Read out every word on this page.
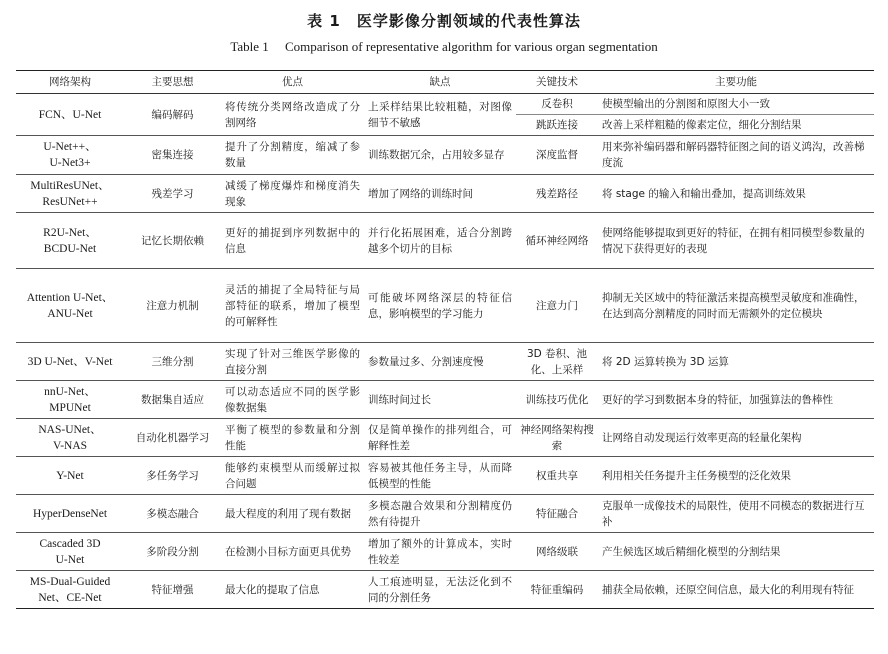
表 1　医学影像分割领域的代表性算法
Table 1　 Comparison of representative algorithm for various organ segmentation
网络架构	主要思想	优点	缺点	关键技术	主要功能
FCN、U-Net	编码解码	将传统分类网络改造成了分割网络	上采样结果比较粗糙，对图像细节不敏感	反卷积	使模型输出的分割图和原图大小一致
				跳跃连接	改善上采样粗糙的像素定位，细化分割结果
U-Net++、
U-Net3+	密集连接	提升了分割精度，缩减了参数量	训练数据冗余，占用较多显存	深度监督	用来弥补编码器和解码器特征图之间的语义鸿沟，改善梯度流
MultiResUNet、
ResUNet++	残差学习	减缓了梯度爆炸和梯度消失现象	增加了网络的训练时间	残差路径	将 stage 的输入和输出叠加，提高训练效果
R2U-Net、
BCDU-Net	记忆长期依赖	更好的捕捉到序列数据中的信息	并行化拓展困难，适合分割跨越多个切片的目标	循环神经网络	使网络能够提取到更好的特征，在拥有相同模型参数量的情况下获得更好的表现
Attention U-Net、
ANU-Net	注意力机制	灵活的捕捉了全局特征与局部特征的联系，增加了模型的可解释性	可能破坏网络深层的特征信息，影响模型的学习能力	注意力门	抑制无关区域中的特征激活来提高模型灵敏度和准确性，在达到高分割精度的同时而无需额外的定位模块
3D U-Net、V-Net	三维分割	实现了针对三维医学影像的直接分割	参数量过多、分割速度慢	3D 卷积、池化、上采样	将 2D 运算转换为 3D 运算
nnU-Net、
MPUNet	数据集自适应	可以动态适应不同的医学影像数据集	训练时间过长	训练技巧优化	更好的学习到数据本身的特征，加强算法的鲁棒性
NAS-UNet、
V-NAS	自动化机器学习	平衡了模型的参数量和分割性能	仅是简单操作的排列组合，可解释性差	神经网络架构搜索	让网络自动发现运行效率更高的轻量化架构
Y-Net	多任务学习	能够约束模型从而缓解过拟合问题	容易被其他任务主导，从而降低模型的性能	权重共享	利用相关任务提升主任务模型的泛化效果
HyperDenseNet	多模态融合	最大程度的利用了现有数据	多模态融合效果和分割精度仍然有待提升	特征融合	克服单一成像技术的局限性，使用不同模态的数据进行互补
Cascaded 3D
U-Net	多阶段分割	在检测小目标方面更具优势	增加了额外的计算成本，实时性较差	网络级联	产生候选区域后精细化模型的分割结果
MS-Dual-Guided
Net、CE-Net	特征增强	最大化的提取了信息	人工痕迹明显，无法泛化到不同的分割任务	特征重编码	捕获全局依赖，还原空间信息，最大化的利用现有特征
